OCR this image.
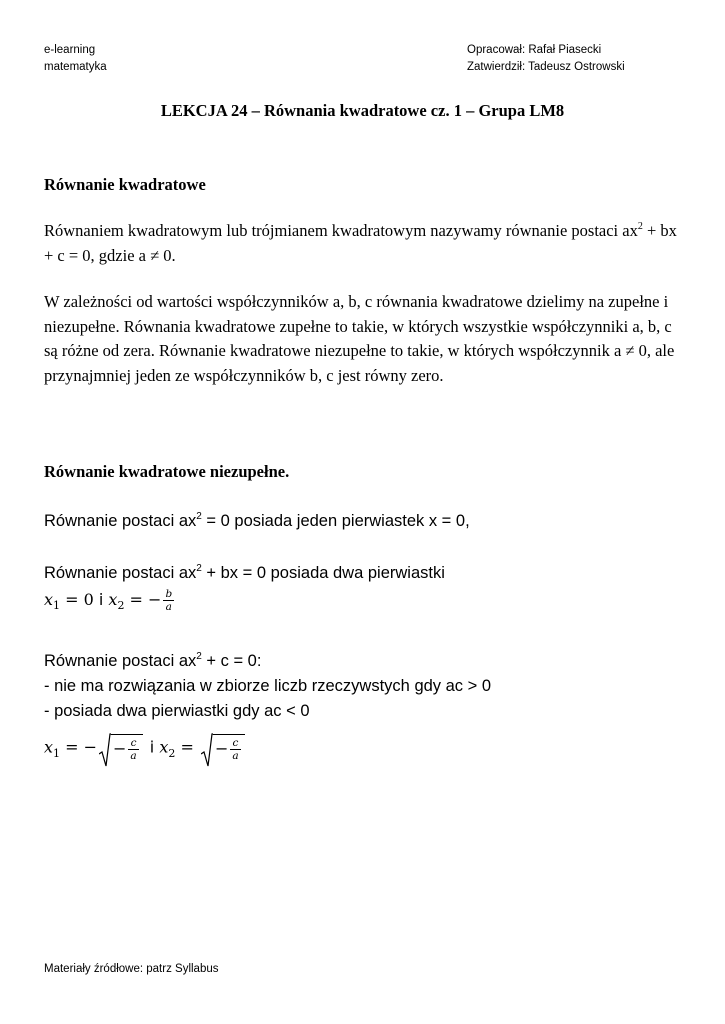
e-learning
matematyka
Opracował: Rafał Piasecki
Zatwierdził: Tadeusz Ostrowski
LEKCJA 24 – Równania kwadratowe cz. 1 – Grupa LM8
Równanie kwadratowe
Równaniem kwadratowym lub trójmianem kwadratowym nazywamy równanie postaci $ax^2$ + bx + c = 0, gdzie a ≠ 0.
W zależności od wartości współczynników a, b, c równania kwadratowe dzielimy na zupełne i niezupełne. Równania kwadratowe zupełne to takie, w których wszystkie współczynniki a, b, c są różne od zera. Równanie kwadratowe niezupełne to takie, w których współczynnik a ≠ 0, ale przynajmniej jeden ze współczynników b, c jest równy zero.
Równanie kwadratowe niezupełne.
Równanie postaci $ax^2 = 0$ posiada jeden pierwiastek x = 0,
Równanie postaci $ax^2$ + bx = 0 posiada dwa pierwiastki
$x_1 = 0$ i $x_2$ = − $\frac{b}{a}$
Równanie postaci $ax^2 + c = 0$:
- nie ma rozwiązania w zbiorze liczb rzeczywstych gdy ac > 0
- posiada dwa pierwiastki gdy ac < 0
$x_1$ = − − $\frac{c}{a}$ i $x_2$ =
− $\frac{c}{a}$
Materiały źródłowe: patrz Syllabus
